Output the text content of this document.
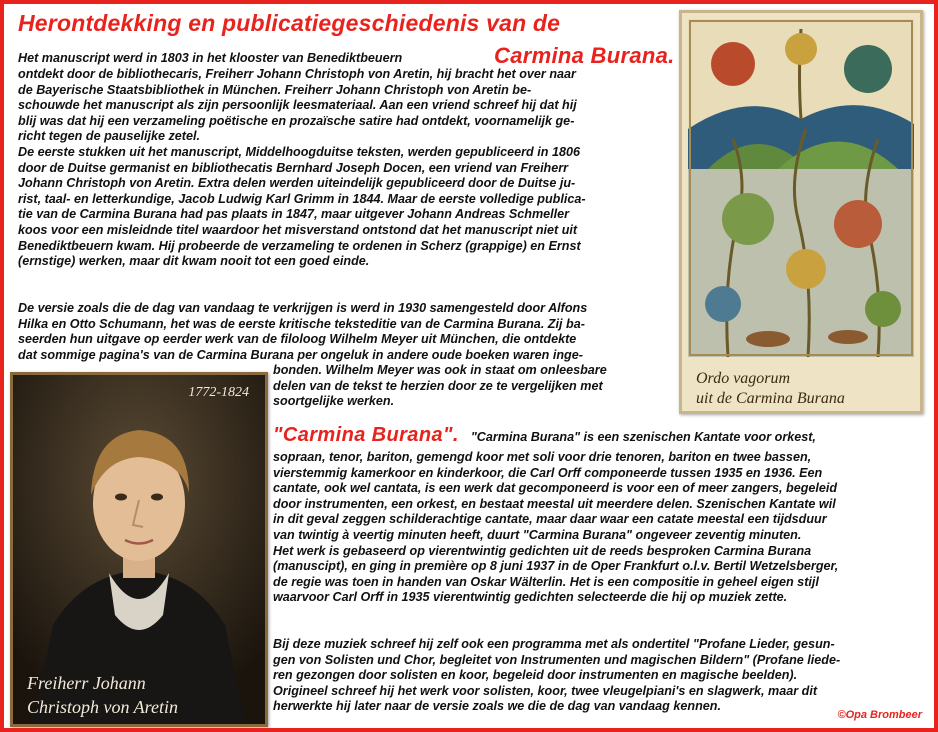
Herontdekking en publicatiegeschiedenis van de
Carmina Burana.

Het manuscript werd in 1803 in het klooster van Benediktbeuern

ontdekt door de bibliothecaris, Freiherr Johann Christoph von Aretin, hij bracht het over naar
de Bayerische Staatsbibliothek in München. Freiherr Johann Christoph von Aretin be-
schouwde het manuscript als zijn persoonlijk leesmateriaal. Aan een vriend schreef hij dat hij
blij was dat hij een verzameling poëtische en prozaïsche satire had ontdekt, voornamelijk ge-
richt tegen de pauselijke zetel.
De eerste stukken uit het manuscript, Middelhoogduitse teksten, werden gepubliceerd in 1806
door de Duitse germanist en bibliothecatis Bernhard Joseph Docen, een vriend van Freiherr
Johann Christoph von Aretin. Extra delen werden uiteindelijk gepubliceerd door de Duitse ju-
rist, taal- en letterkundige, Jacob Ludwig Karl Grimm in 1844. Maar de eerste volledige publica-
tie van de Carmina Burana had pas plaats in 1847, maar uitgever Johann Andreas Schmeller
koos voor een misleidnde titel waardoor het misverstand ontstond dat het manuscript niet uit
Benediktbeuern kwam. Hij probeerde de verzameling te ordenen in Scherz (grappige) en Ernst
(ernstige) werken, maar dit kwam nooit tot een goed einde.

De versie zoals die de dag van vandaag te verkrijgen is werd in 1930 samengesteld door Alfons
Hilka en Otto Schumann, het was de eerste kritische teksteditie van de Carmina Burana. Zij ba-
seerden hun uitgave op eerder werk van de filoloog Wilhelm Meyer uit München, die ontdekte
dat sommige pagina's van de Carmina Burana per ongeluk in andere oude boeken waren inge-

bonden. Wilhelm Meyer was ook in staat om onleesbare
delen van de tekst te herzien door ze te vergelijken met
soortgelijke werken.

"Carmina Burana". "Carmina Burana" is een szenischen Kantate voor orkest,

sopraan, tenor, bariton, gemengd koor met soli voor drie tenoren, bariton en twee bassen,
vierstemmig kamerkoor en kinderkoor, die Carl Orff componeerde tussen 1935 en 1936. Een
cantate, ook wel cantata, is een werk dat gecomponeerd is voor een of meer zangers, begeleid
door instrumenten, een orkest, en bestaat meestal uit meerdere delen. Szenischen Kantate wil
in dit geval zeggen schilderachtige cantate, maar daar waar een catate meestal een tijdsduur
van twintig à veertig minuten heeft, duurt "Carmina Burana" ongeveer zeventig minuten.
Het werk is gebaseerd op vierentwintig gedichten uit de reeds besproken Carmina Burana
(manuscipt), en ging in première op 8 juni 1937 in de Oper Frankfurt o.l.v. Bertil Wetzelsberger,
de regie was toen in handen van Oskar Wälterlin. Het is een compositie in geheel eigen stijl
waarvoor Carl Orff in 1935 vierentwintig gedichten selecteerde die hij op muziek zette.

Bij deze muziek schreef hij zelf ook een programma met als ondertitel "Profane Lieder, gesun-
gen von Solisten und Chor, begleitet von Instrumenten und magischen Bildern" (Profane liede-
ren gezongen door solisten en koor, begeleid door instrumenten en magische beelden).
Origineel schreef hij het werk voor solisten, koor, twee vleugelpiani's en slagwerk, maar dit
herwerkte hij later naar de versie zoals we die de dag van vandaag kennen.

©Opa Brombeer

Ordo vagorum
uit de Carmina Burana

1772-1824

Freiherr Johann
Christoph von Aretin
